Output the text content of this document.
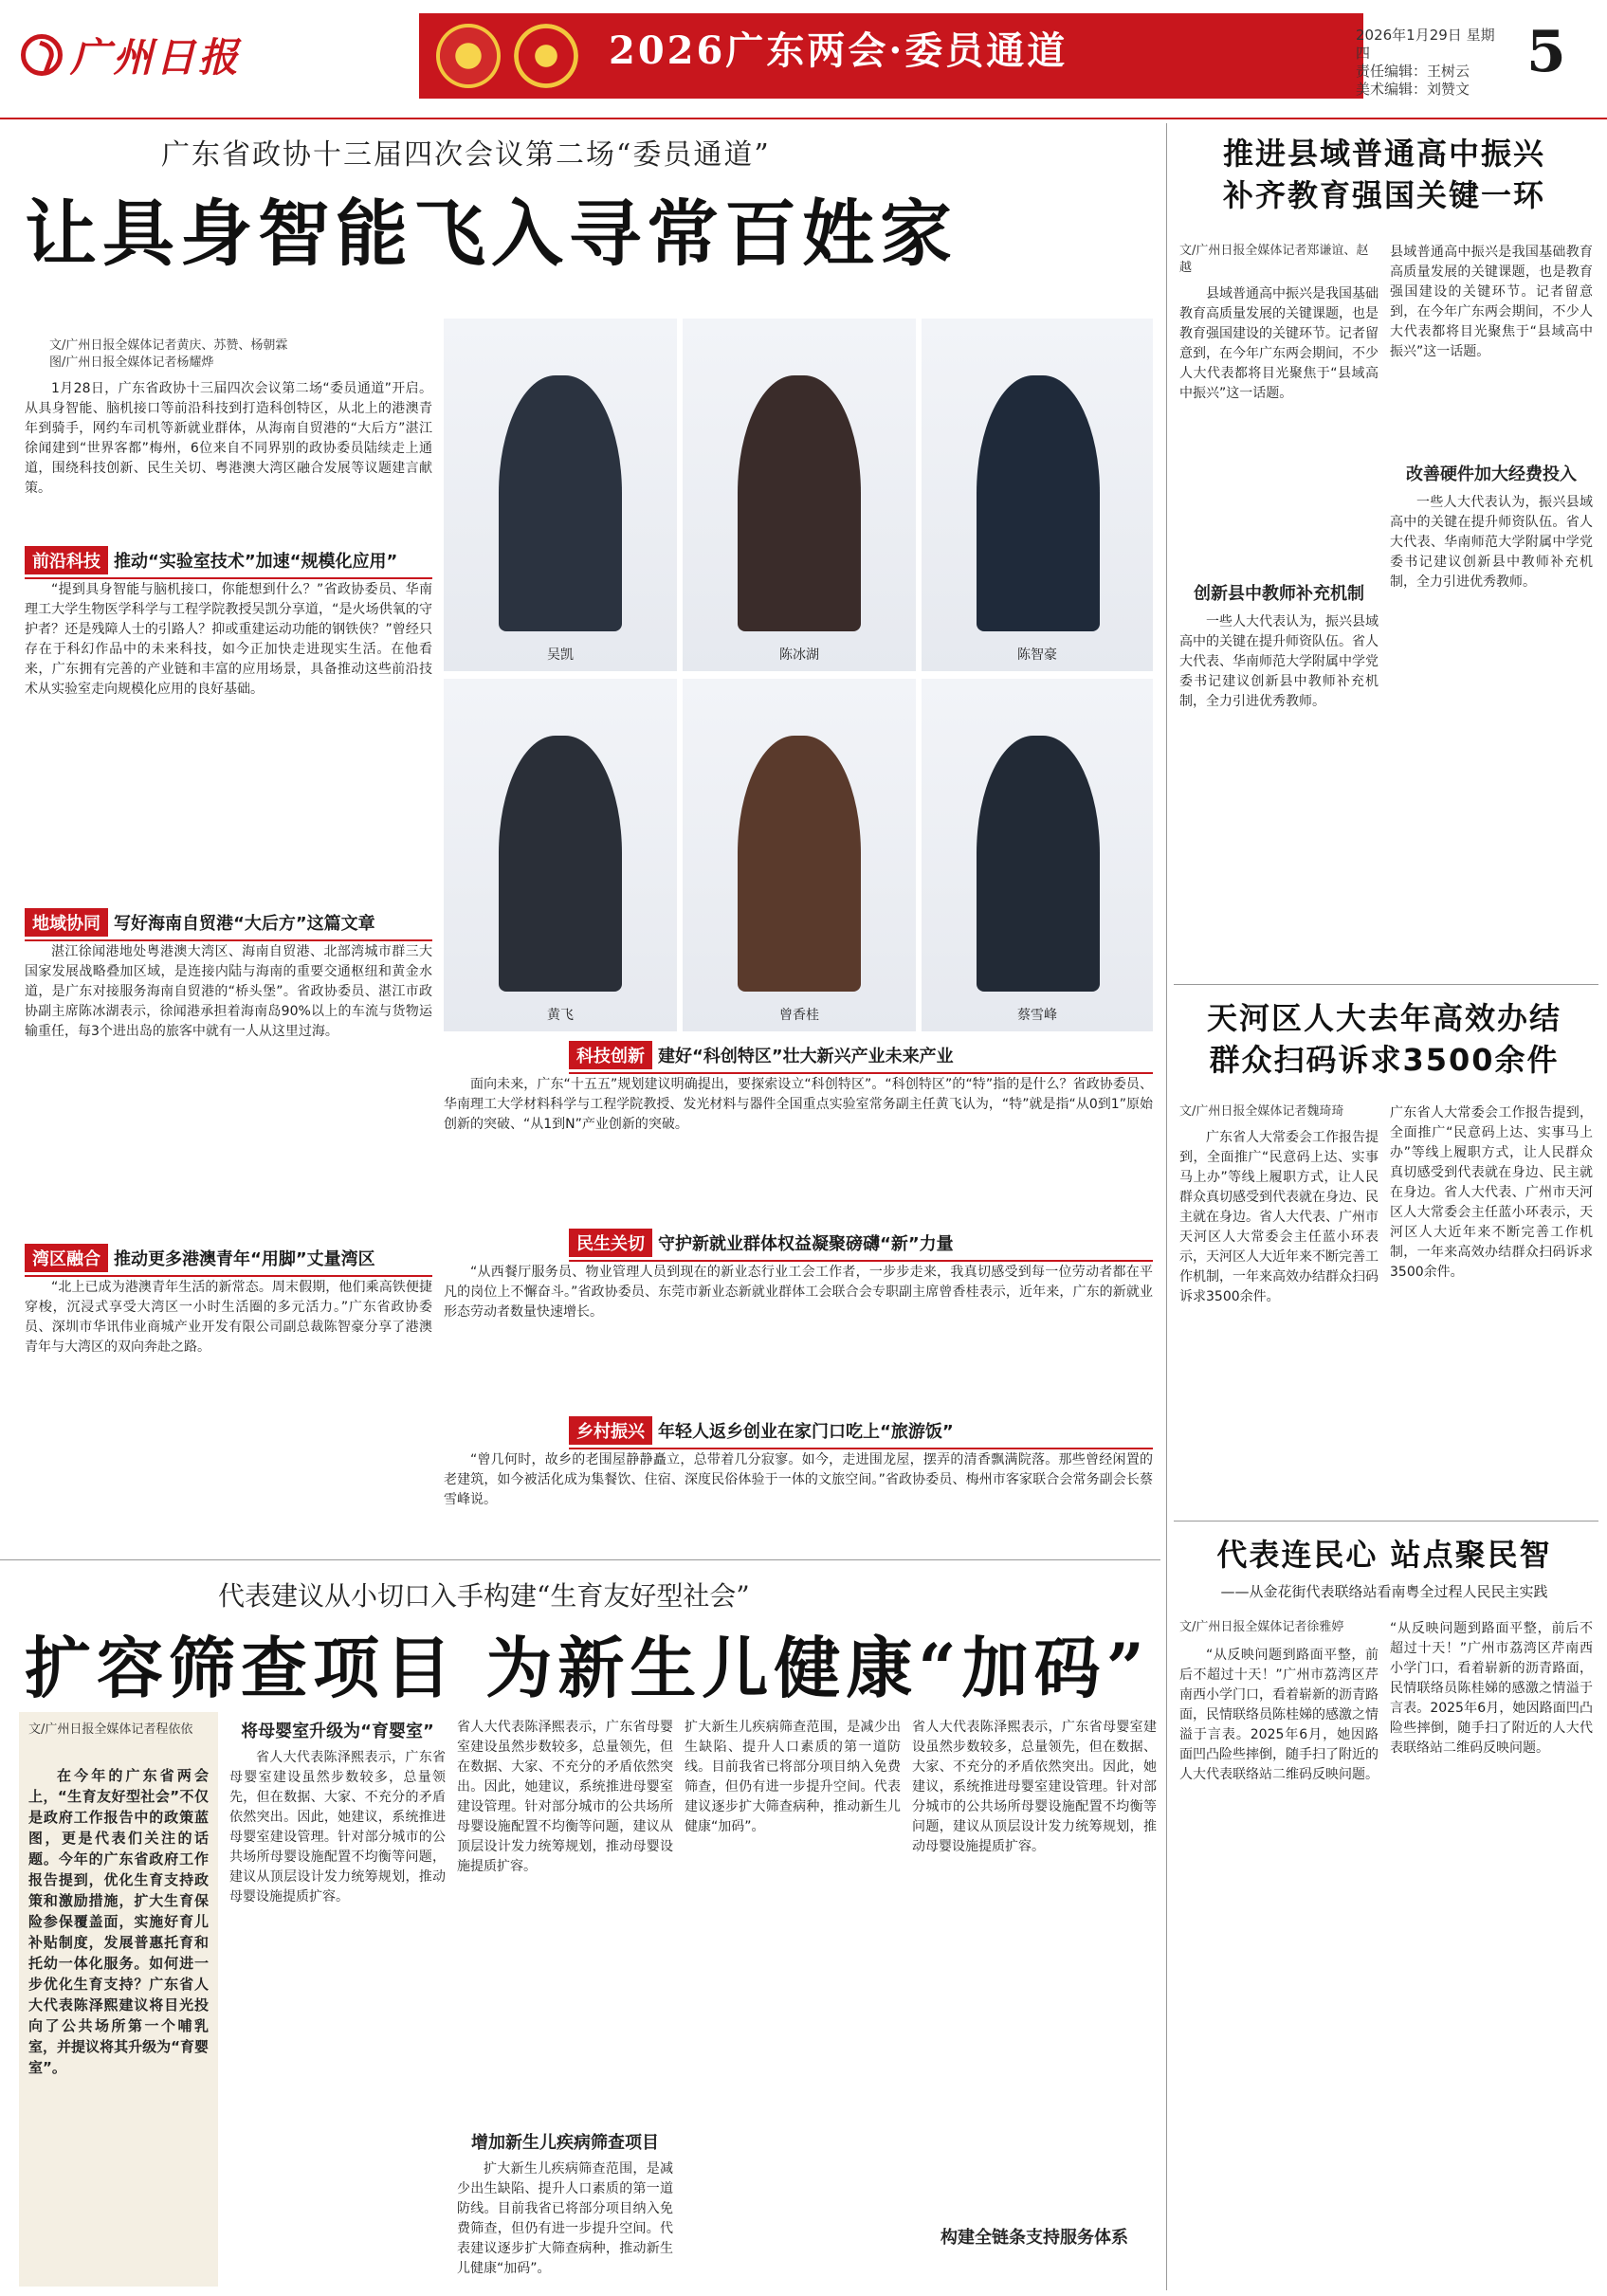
广州日报	2026广东两会·委员通道	2026年1月29日 星期四
责任编辑：王树云
美术编辑：刘赞文
5
广东省政协十三届四次会议第二场“委员通道”
让具身智能飞入寻常百姓家
文/广州日报全媒体记者黄庆、苏赞、杨朝霖
图/广州日报全媒体记者杨耀烨
1月28日，广东省政协十三届四次会议第二场“委员通道”开启。从具身智能、脑机接口等前沿科技到打造科创特区，从北上的港澳青年到骑手，网约车司机等新就业群体，从海南自贸港的“大后方”湛江徐闻建到“世界客都”梅州，6位来自不同界别的政协委员陆续走上通道，围绕科技创新、民生关切、粤港澳大湾区融合发展等议题建言献策。
吴凯	陈冰湖	陈智豪
黄飞	曾香桂	蔡雪峰
前沿科技 推动“实验室技术”加速“规模化应用”
“提到具身智能与脑机接口，你能想到什么？”省政协委员、华南理工大学生物医学科学与工程学院教授吴凯分享道，“是火场供氧的守护者？还是残障人士的引路人？抑或重建运动功能的钢铁侠？”曾经只存在于科幻作品中的未来科技，如今正加快走进现实生活。在他看来，广东拥有完善的产业链和丰富的应用场景，具备推动这些前沿技术从实验室走向规模化应用的良好基础。
地域协同 写好海南自贸港“大后方”这篇文章
湛江徐闻港地处粤港澳大湾区、海南自贸港、北部湾城市群三大国家发展战略叠加区域，是连接内陆与海南的重要交通枢纽和黄金水道，是广东对接服务海南自贸港的“桥头堡”。省政协委员、湛江市政协副主席陈冰湖表示，徐闻港承担着海南岛90%以上的车流与货物运输重任，每3个进出岛的旅客中就有一人从这里过海。
湾区融合 推动更多港澳青年“用脚”丈量湾区
“北上已成为港澳青年生活的新常态。周末假期，他们乘高铁便捷穿梭，沉浸式享受大湾区一小时生活圈的多元活力。”广东省政协委员、深圳市华讯伟业商城产业开发有限公司副总裁陈智豪分享了港澳青年与大湾区的双向奔赴之路。
科技创新 建好“科创特区”壮大新兴产业未来产业
面向未来，广东“十五五”规划建议明确提出，要探索设立“科创特区”。“科创特区”的“特”指的是什么？省政协委员、华南理工大学材料科学与工程学院教授、发光材料与器件全国重点实验室常务副主任黄飞认为，“特”就是指“从0到1”原始创新的突破、“从1到N”产业创新的突破。
民生关切 守护新就业群体权益凝聚磅礴“新”力量
“从西餐厅服务员、物业管理人员到现在的新业态行业工会工作者，一步步走来，我真切感受到每一位劳动者都在平凡的岗位上不懈奋斗。”省政协委员、东莞市新业态新就业群体工会联合会专职副主席曾香桂表示，近年来，广东的新就业形态劳动者数量快速增长。
乡村振兴 年轻人返乡创业在家门口吃上“旅游饭”
“曾几何时，故乡的老围屋静静矗立，总带着几分寂寥。如今，走进围龙屋，摆弄的清香飘满院落。那些曾经闲置的老建筑，如今被活化成为集餐饮、住宿、深度民俗体验于一体的文旅空间。”省政协委员、梅州市客家联合会常务副会长蔡雪峰说。
推进县域普通高中振兴
补齐教育强国关键一环
文/广州日报全媒体记者郑谦谊、赵越
县域普通高中振兴是我国基础教育高质量发展的关键课题，也是教育强国建设的关键环节。记者留意到，在今年广东两会期间，不少人大代表都将目光聚焦于“县域高中振兴”这一话题。
创新县中教师补充机制
一些人大代表认为，振兴县域高中的关键在提升师资队伍。省人大代表、华南师范大学附属中学党委书记建议创新县中教师补充机制，全力引进优秀教师。
县域普通高中振兴是我国基础教育高质量发展的关键课题，也是教育强国建设的关键环节。记者留意到，在今年广东两会期间，不少人大代表都将目光聚焦于“县域高中振兴”这一话题。
改善硬件加大经费投入
一些人大代表认为，振兴县域高中的关键在提升师资队伍。省人大代表、华南师范大学附属中学党委书记建议创新县中教师补充机制，全力引进优秀教师。
天河区人大去年高效办结
群众扫码诉求3500余件
文/广州日报全媒体记者魏琦琦
广东省人大常委会工作报告提到，全面推广“民意码上达、实事马上办”等线上履职方式，让人民群众真切感受到代表就在身边、民主就在身边。省人大代表、广州市天河区人大常委会主任蓝小环表示，天河区人大近年来不断完善工作机制，一年来高效办结群众扫码诉求3500余件。
广东省人大常委会工作报告提到，全面推广“民意码上达、实事马上办”等线上履职方式，让人民群众真切感受到代表就在身边、民主就在身边。省人大代表、广州市天河区人大常委会主任蓝小环表示，天河区人大近年来不断完善工作机制，一年来高效办结群众扫码诉求3500余件。
代表连民心 站点聚民智
——从金花街代表联络站看南粤全过程人民民主实践
文/广州日报全媒体记者徐雅婷
“从反映问题到路面平整，前后不超过十天！”广州市荔湾区芹南西小学门口，看着崭新的沥青路面，民情联络员陈桂娣的感激之情溢于言表。2025年6月，她因路面凹凸险些摔倒，随手扫了附近的人大代表联络站二维码反映问题。
“从反映问题到路面平整，前后不超过十天！”广州市荔湾区芹南西小学门口，看着崭新的沥青路面，民情联络员陈桂娣的感激之情溢于言表。2025年6月，她因路面凹凸险些摔倒，随手扫了附近的人大代表联络站二维码反映问题。
代表建议从小切口入手构建“生育友好型社会”
扩容筛查项目 为新生儿健康“加码”
文/广州日报全媒体记者程依依
在今年的广东省两会上，“生育友好型社会”不仅是政府工作报告中的政策蓝图，更是代表们关注的话题。今年的广东省政府工作报告提到，优化生育支持政策和激励措施，扩大生育保险参保覆盖面，实施好育儿补贴制度，发展普惠托育和托幼一体化服务。如何进一步优化生育支持？广东省人大代表陈泽熙建议将目光投向了公共场所第一个哺乳室，并提议将其升级为“育婴室”。
将母婴室升级为“育婴室”
省人大代表陈泽熙表示，广东省母婴室建设虽然步数较多，总量领先，但在数据、大家、不充分的矛盾依然突出。因此，她建议，系统推进母婴室建设管理。针对部分城市的公共场所母婴设施配置不均衡等问题，建议从顶层设计发力统筹规划，推动母婴设施提质扩容。
省人大代表陈泽熙表示，广东省母婴室建设虽然步数较多，总量领先，但在数据、大家、不充分的矛盾依然突出。因此，她建议，系统推进母婴室建设管理。针对部分城市的公共场所母婴设施配置不均衡等问题，建议从顶层设计发力统筹规划，推动母婴设施提质扩容。
增加新生儿疾病筛查项目
扩大新生儿疾病筛查范围，是减少出生缺陷、提升人口素质的第一道防线。目前我省已将部分项目纳入免费筛查，但仍有进一步提升空间。代表建议逐步扩大筛查病种，推动新生儿健康“加码”。
扩大新生儿疾病筛查范围，是减少出生缺陷、提升人口素质的第一道防线。目前我省已将部分项目纳入免费筛查，但仍有进一步提升空间。代表建议逐步扩大筛查病种，推动新生儿健康“加码”。
省人大代表陈泽熙表示，广东省母婴室建设虽然步数较多，总量领先，但在数据、大家、不充分的矛盾依然突出。因此，她建议，系统推进母婴室建设管理。针对部分城市的公共场所母婴设施配置不均衡等问题，建议从顶层设计发力统筹规划，推动母婴设施提质扩容。
构建全链条支持服务体系
